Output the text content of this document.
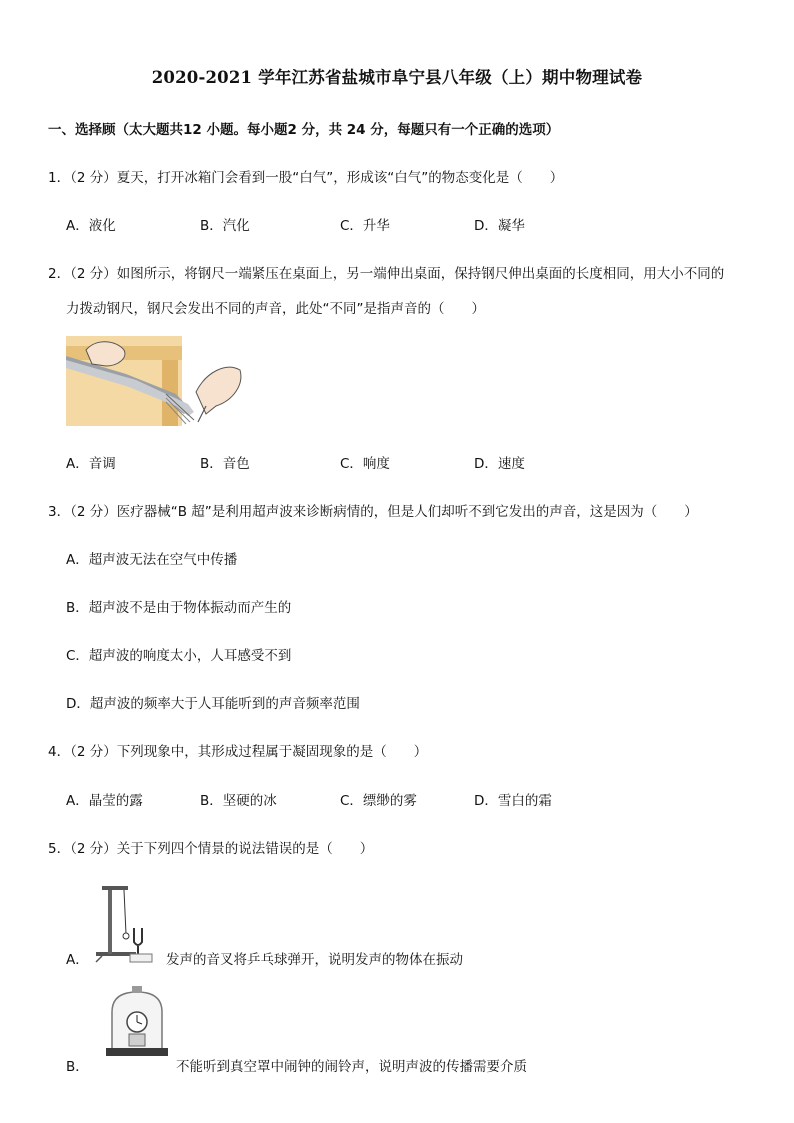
2020-2021 学年江苏省盐城市阜宁县八年级（上）期中物理试卷
一、选择顾（太大题共12 小题。每小题2 分，共 24 分，每题只有一个正确的选项）
1．（2 分）夏天，打开冰箱门会看到一股“白气”，形成该“白气”的物态变化是（　　）
A．液化	B．汽化	C．升华	D．凝华
2．（2 分）如图所示，将钢尺一端紧压在桌面上，另一端伸出桌面，保持钢尺伸出桌面的长度相同，用大小不同的
力拨动钢尺，钢尺会发出不同的声音，此处“不同”是指声音的（　　）
A．音调	B．音色	C．响度	D．速度
3．（2 分）医疗器械“B 超”是利用超声波来诊断病情的，但是人们却听不到它发出的声音，这是因为（　　）
A．超声波无法在空气中传播
B．超声波不是由于物体振动而产生的
C．超声波的响度太小，人耳感受不到
D．超声波的频率大于人耳能听到的声音频率范围
4．（2 分）下列现象中，其形成过程属于凝固现象的是（　　）
A．晶莹的露	B．坚硬的冰	C．缥缈的雾	D．雪白的霜
5．（2 分）关于下列四个情景的说法错误的是（　　）
A．	发声的音叉将乒乓球弹开，说明发声的物体在振动
B．	不能听到真空罩中闹钟的闹铃声，说明声波的传播需要介质
